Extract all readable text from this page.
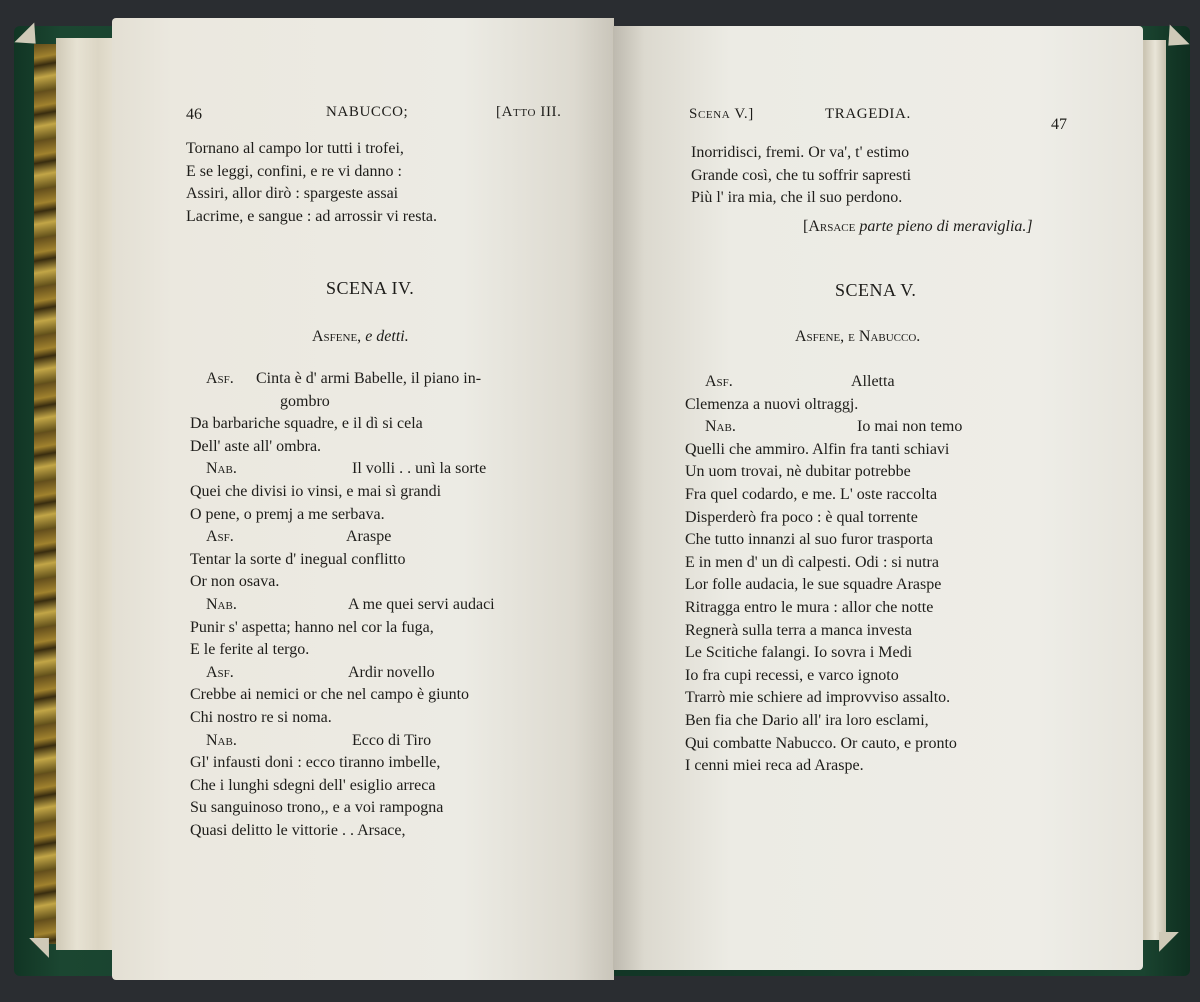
46	NABUCCO;	[Atto III.
Tornano al campo lor tutti i trofei,
E se leggi, confini, e re vi danno :
Assiri, allor dirò : spargeste assai
Lacrime, e sangue : ad arrossir vi resta.
SCENA IV.
Asfene, e detti.
Asf. Cinta è d' armi Babelle, il piano in-
gombro
Da barbariche squadre, e il dì si cela
Dell' aste all' ombra.
Nab.	Il volli . . unì la sorte
Quei che divisi io vinsi, e mai sì grandi
O pene, o premj a me serbava.
Asf.	Araspe
Tentar la sorte d' inegual conflitto
Or non osava.
Nab.	A me quei servi audaci
Punir s' aspetta; hanno nel cor la fuga,
E le ferite al tergo.
Asf.	Ardir novello
Crebbe ai nemici or che nel campo è giunto
Chi nostro re si noma.
Nab.	Ecco di Tiro
Gl' infausti doni : ecco tiranno imbelle,
Che i lunghi sdegni dell' esiglio arreca
Su sanguinoso trono,, e a voi rampogna
Quasi delitto le vittorie . . Arsace,
Scena V.]	TRAGEDIA.
47
Inorridisci, fremi. Or va', t' estimo
Grande così, che tu soffrir sapresti
Più l' ira mia, che il suo perdono.
[Arsace parte pieno di meraviglia.]
SCENA V.
Asfene, e Nabucco.
Asf.	Alletta
Clemenza a nuovi oltraggj.
Nab.	Io mai non temo
Quelli che ammiro. Alfin fra tanti schiavi
Un uom trovai, nè dubitar potrebbe
Fra quel codardo, e me. L' oste raccolta
Disperderò fra poco : è qual torrente
Che tutto innanzi al suo furor trasporta
E in men d' un dì calpesti. Odi : si nutra
Lor folle audacia, le sue squadre Araspe
Ritragga entro le mura : allor che notte
Regnerà sulla terra a manca investa
Le Scitiche falangi. Io sovra i Medi
Io fra cupi recessi, e varco ignoto
Trarrò mie schiere ad improvviso assalto.
Ben fia che Dario all' ira loro esclami,
Qui combatte Nabucco. Or cauto, e pronto
I cenni miei reca ad Araspe.
